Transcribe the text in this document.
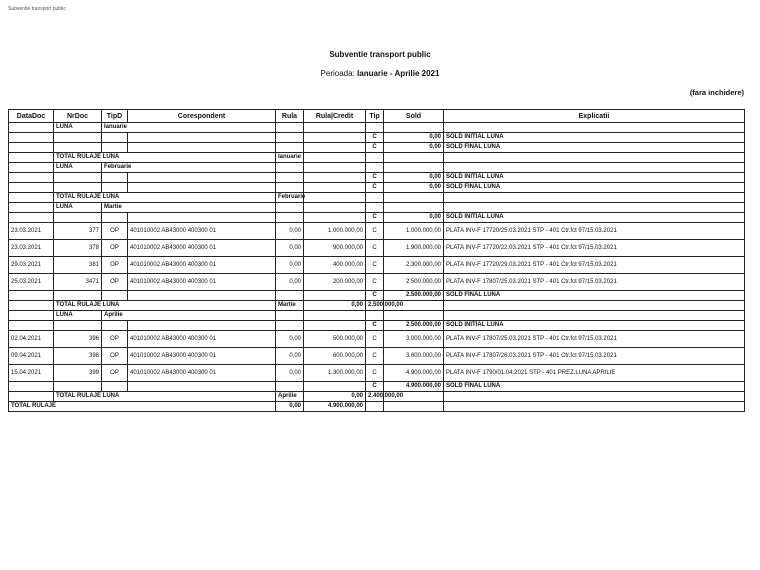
Subventie transport public
Subventie transport public
Perioada: Ianuarie - Aprilie 2021
(fara inchidere)
DataDoc	NrDoc	TipD	Corespondent	Rula	Rula|Credit	Tip	Sold	Explicatii	
	LUNA	Ianuarie							
						C	0,00	SOLD INITIAL LUNA	
						C	0,00	SOLD FINAL LUNA	
	TOTAL RULAJE LUNA			Ianuarie					
	LUNA	Februarie							
						C	0,00	SOLD INITIAL LUNA	
						C	0,00	SOLD FINAL LUNA	
	TOTAL RULAJE LUNA			Februarie					
	LUNA	Martie							
						C	0,00	SOLD INITIAL LUNA	
23.03.2021	377	OP	401010002 AB43000 400300 01	0,00	1.000.000,00	C	1.000.000,00	PLATA INV-F 17720/25.03.2021 STP - 401 Ctr.fct 97/15.03.2021	
23.03.2021	378	OP	401010002 AB43000 400300 01	0,00	900.000,00	C	1.900.000,00	PLATA INV-F 17720/22.03.2021 STP - 401 Ctr.fct 97/15.03.2021	
29.03.2021	381	OP	401010002 AB43000 400300 01	0,00	400.000,00	C	2.300.000,00	PLATA INV-F 17720/29.03.2021 STP - 401 Ctr.fct 97/15.03.2021	
25.03.2021	3471	OP	401010002 AB43000 400300 01	0,00	200.000,00	C	2.500.000,00	PLATA INV-F 17807/25.03.2021 STP - 401 Ctr.fct 97/15.03.2021	
						C	2.500.000,00	SOLD FINAL LUNA	
	TOTAL RULAJE LUNA			Martie	0,00	2.500.000,00			
	LUNA	Aprilie							
						C	2.500.000,00	SOLD INITIAL LUNA	
02.04.2021	396	OP	401010002 AB43000 400300 01	0,00	500.000,00	C	3.000.000,00	PLATA INV-F 17807/25.03.2021 STP - 401 Ctr.fct 97/15.03.2021	
09.04.2021	398	OP	401010002 AB43000 400300 01	0,00	600.000,00	C	3.600.000,00	PLATA INV-F 17807/26.03.2021 STP - 401 Ctr.fct 97/15.03.2021	
15.04.2021	399	OP	401010002 AB43000 400300 01	0,00	1.300.000,00	C	4.900.000,00	PLATA INV-F 1790/01.04.2021 STP - 401 PREZ.LUNA APRILIE	
						C	4.900.000,00	SOLD FINAL LUNA	
	TOTAL RULAJE LUNA			Aprilie	0,00	2.400.000,00			
TOTAL RULAJE				0,00	4.900.000,00				
